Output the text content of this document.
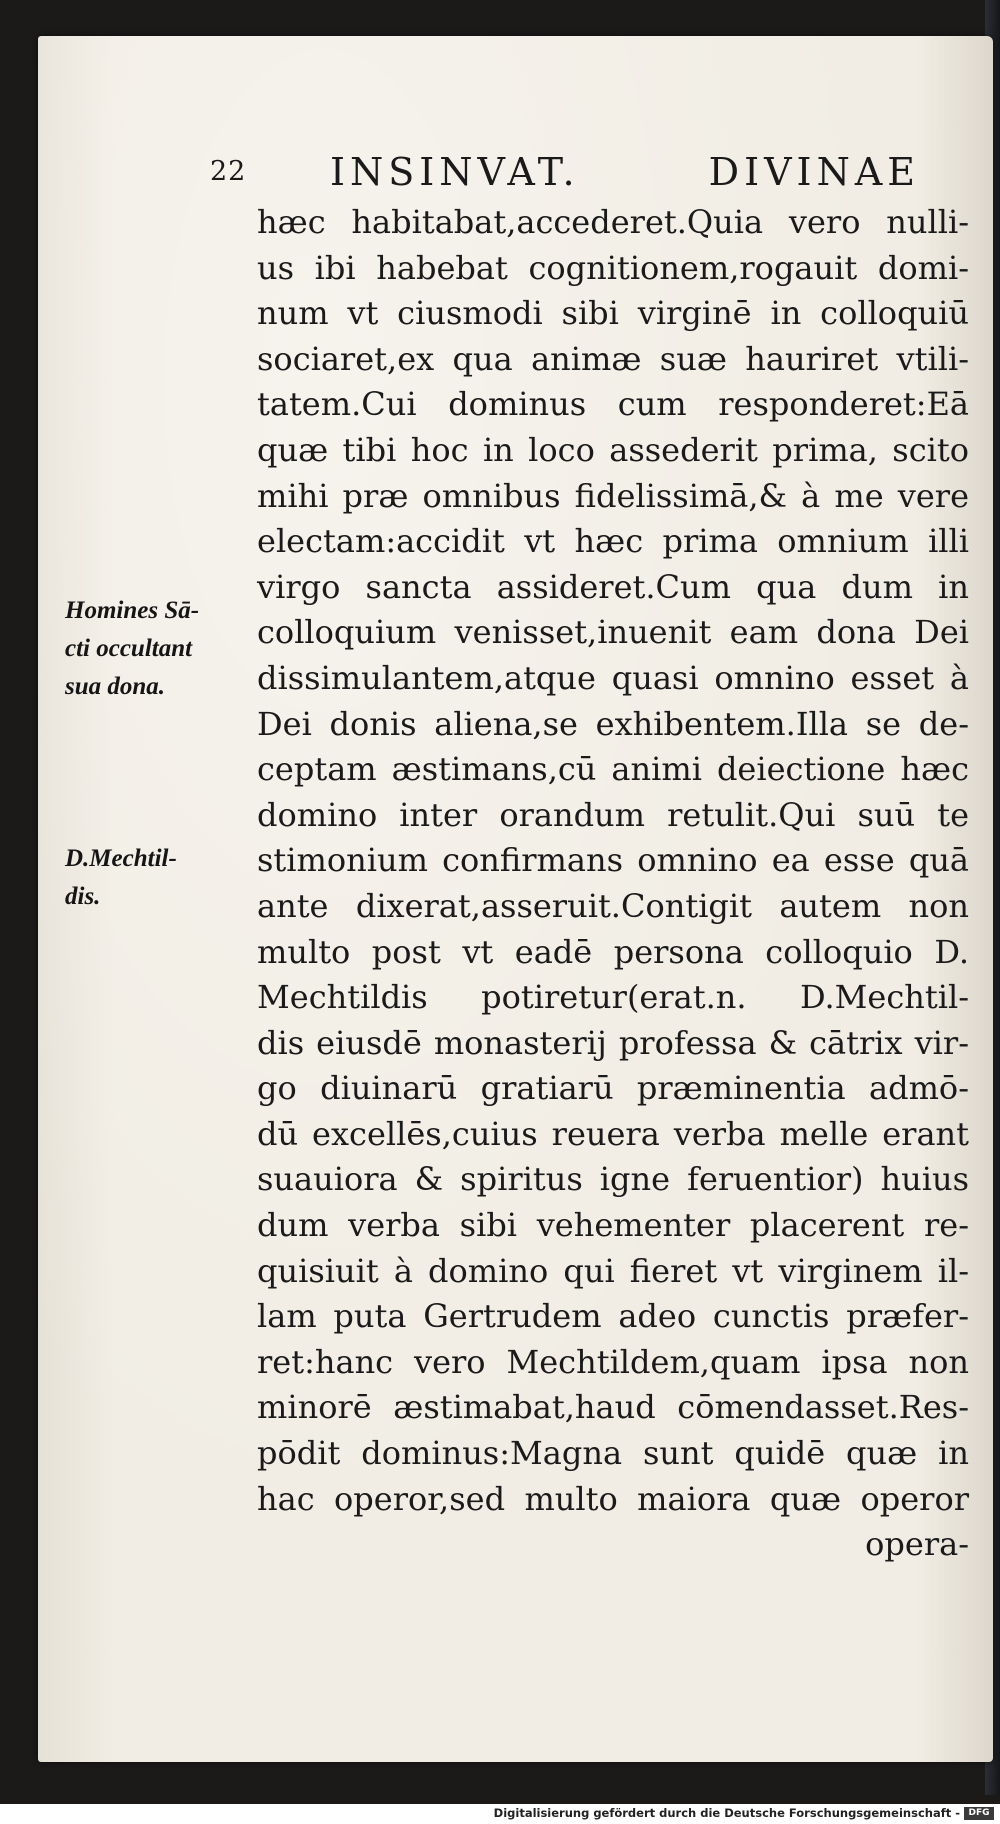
22 INSINVAT. DIVINAE
hæc habitabat,accederet.Quia vero nulli-
us ibi habebat cognitionem,rogauit domi-
num vt ciusmodi sibi virginē in colloquiū
sociaret,ex qua animæ suæ hauriret vtili-
tatem.Cui dominus cum responderet:Eā
quæ tibi hoc in loco assederit prima, scito
mihi præ omnibus fidelissimā,& à me vere
electam:accidit vt hæc prima omnium illi
virgo sancta assideret.Cum qua dum in
colloquium venisset,inuenit eam dona Dei
dissimulantem,atque quasi omnino esset à
Dei donis aliena,se exhibentem.Illa se de-
ceptam æstimans,cū animi deiectione hæc
domino inter orandum retulit.Qui suū te
stimonium confirmans omnino ea esse quā
ante dixerat,asseruit.Contigit autem non
multo post vt eadē persona colloquio D.
Mechtildis potiretur(erat.n. D.Mechtil-
dis eiusdē monasterij professa & cātrix vir-
go diuinarū gratiarū præminentia admō-
dū excellēs,cuius reuera verba melle erant
suauiora & spiritus igne feruentior) huius
dum verba sibi vehementer placerent re-
quisiuit à domino qui fieret vt virginem il-
lam puta Gertrudem adeo cunctis præfer-
ret:hanc vero Mechtildem,quam ipsa non
minorē æstimabat,haud cōmendasset.Res-
pōdit dominus:Magna sunt quidē quæ in
hac operor,sed multo maiora quæ operor
opera-
Homines Sā-
cti occultant
sua dona.
D.Mechtil-
dis.
Digitalisierung gefördert durch die Deutsche Forschungsgemeinschaft - DFG
